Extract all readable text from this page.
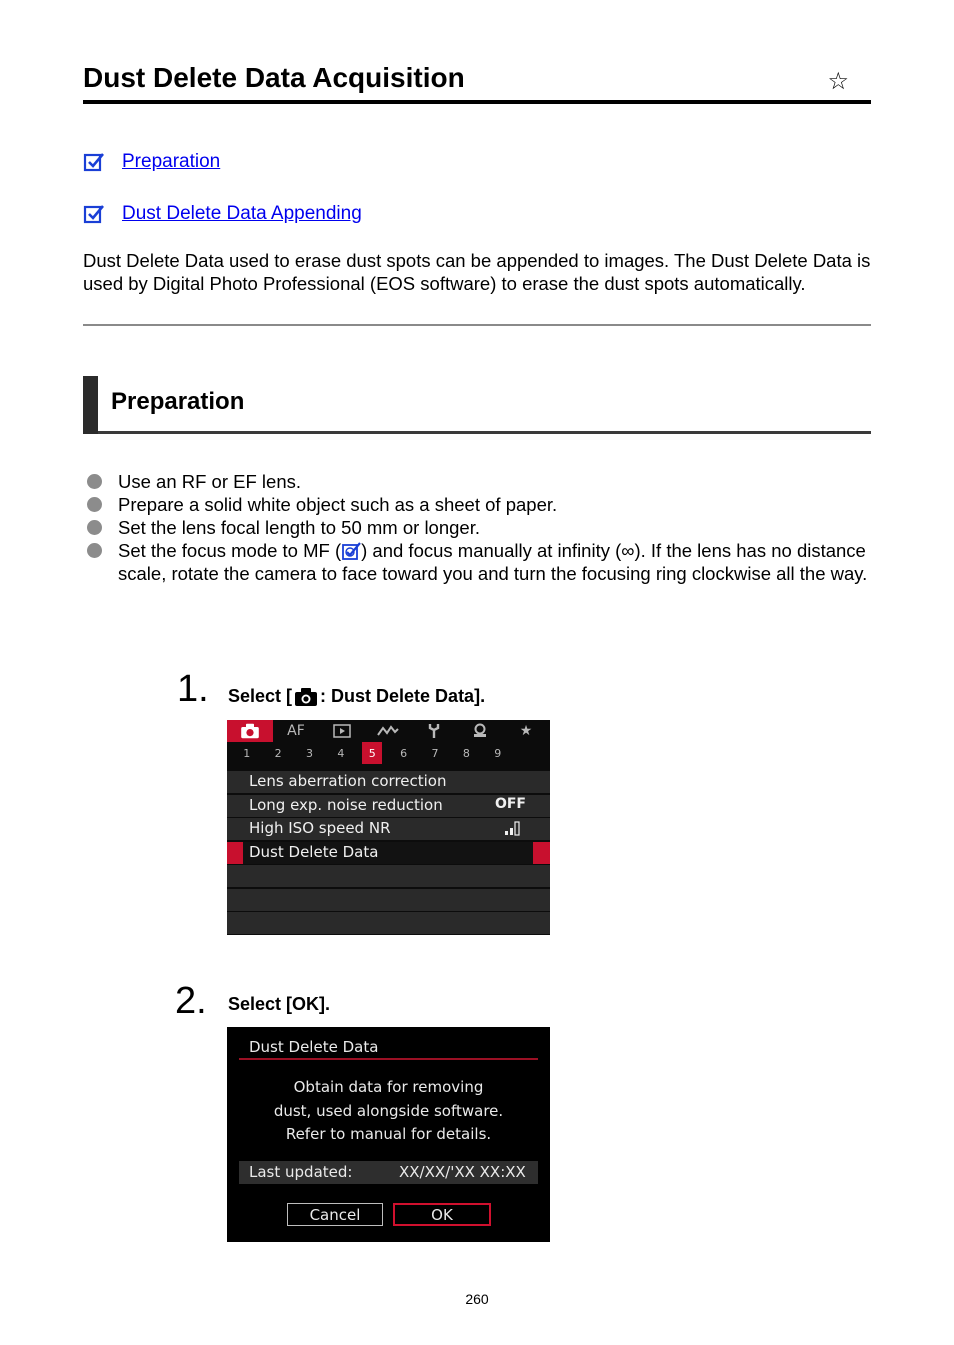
Dust Delete Data Acquisition	☆
Preparation
Dust Delete Data Appending

Dust Delete Data used to erase dust spots can be appended to images. The Dust Delete Data is used by Digital Photo Professional (EOS software) to erase the dust spots automatically.

Preparation
Use an RF or EF lens.
Prepare a solid white object such as a sheet of paper.
Set the lens focal length to 50 mm or longer.
Set the focus mode to MF ( ) and focus manually at infinity (∞). If the lens has no distance scale, rotate the camera to face toward you and turn the focusing ring clockwise all the way.
1. Select [ : Dust Delete Data].
AF	★
1	2	3	4	5	6	7	8	9
Lens aberration correction
Long exp. noise reduction	OFF
High ISO speed NR
Dust Delete Data
2. Select [OK].
Dust Delete Data
Obtain data for removing
dust, used alongside software.
Refer to manual for details.
Last updated:	XX/XX/'XX XX:XX
Cancel	OK
260
